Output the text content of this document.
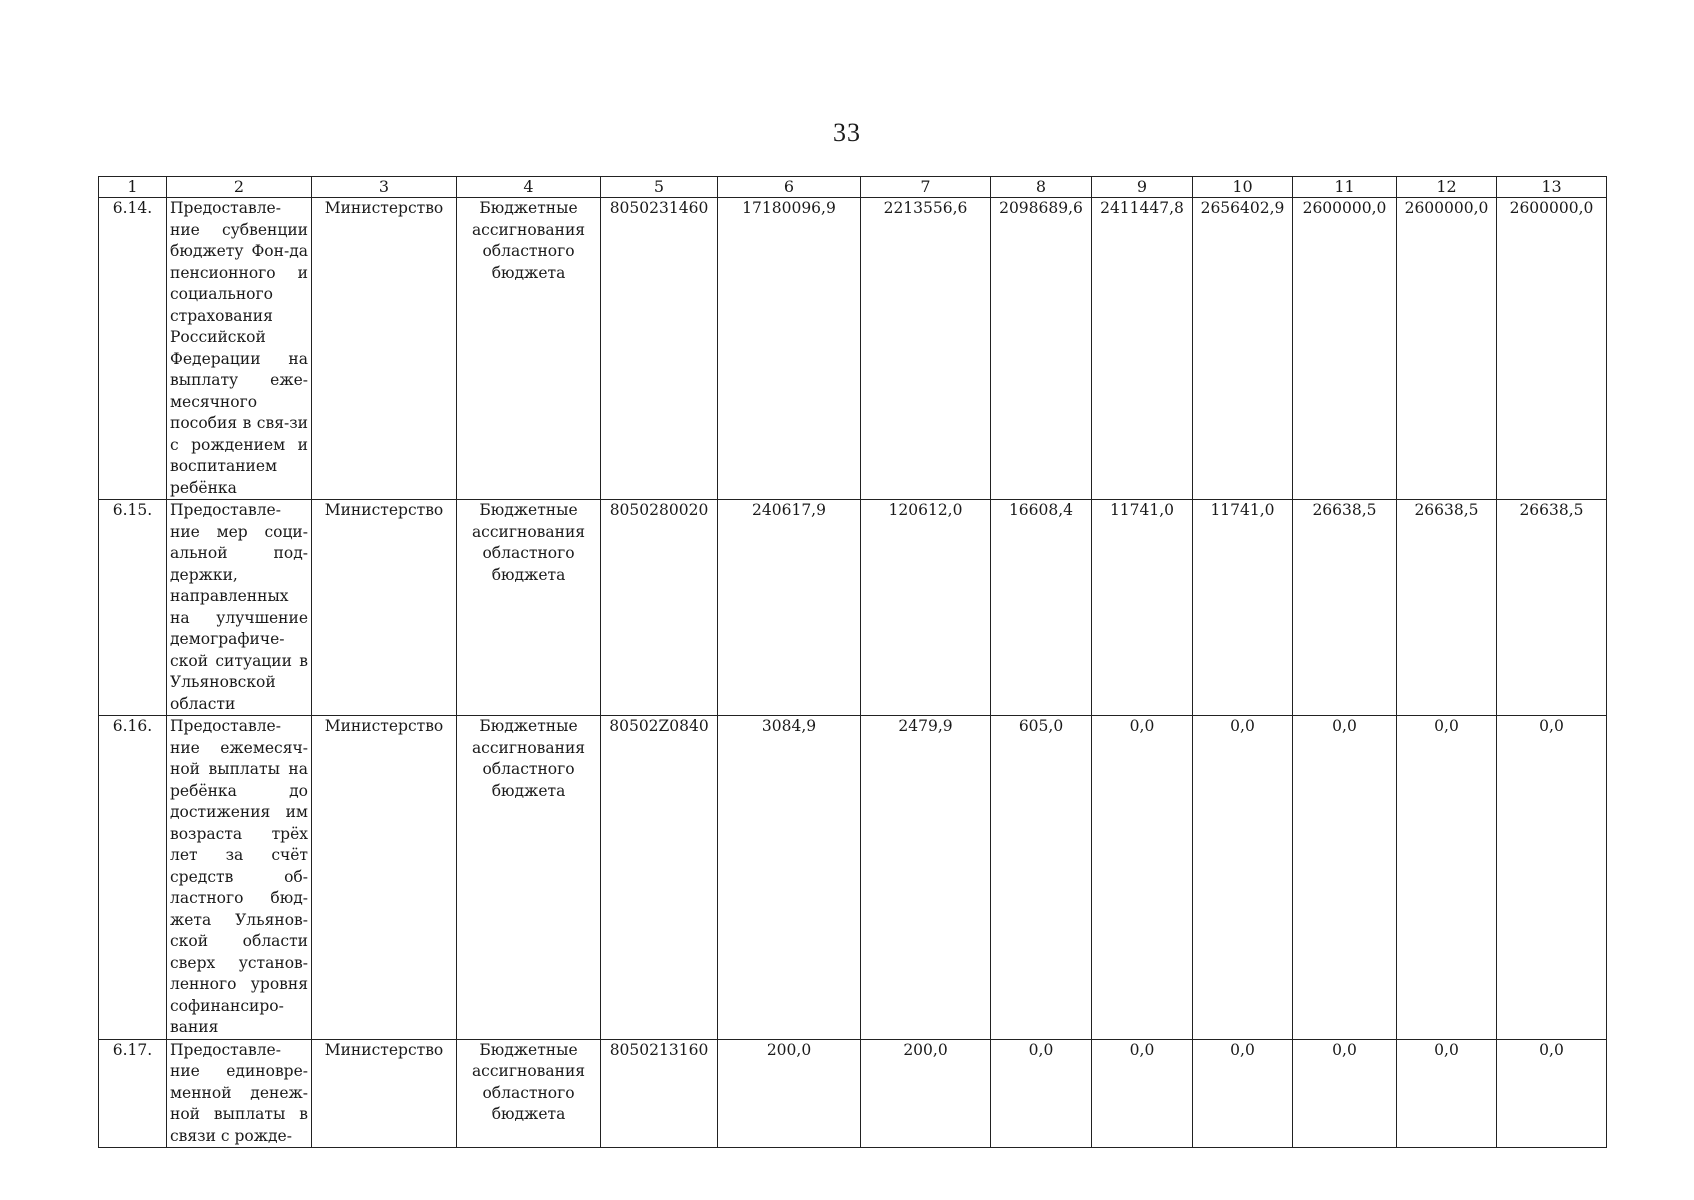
33
1	2	3	4	5	6	7	8	9	10	11	12	13
6.14.	Предоставле-ние субвенции бюджету Фон-да пенсионного и социального страхования Российской Федерации на выплату еже-месячного пособия в свя-зи с рождением и воспитанием ребёнка	Министерство	Бюджетные ассигнования областного бюджета	8050231460	17180096,9	2213556,6	2098689,6	2411447,8	2656402,9	2600000,0	2600000,0	2600000,0
6.15.	Предоставле-ние мер соци-альной под-держки, направленных на улучшение демографиче-ской ситуации в Ульяновской области	Министерство	Бюджетные ассигнования областного бюджета	8050280020	240617,9	120612,0	16608,4	11741,0	11741,0	26638,5	26638,5	26638,5
6.16.	Предоставле-ние ежемесяч-ной выплаты на ребёнка до достижения им возраста трёх лет за счёт средств об-ластного бюд-жета Ульянов-ской области сверх установ-ленного уровня софинансиро-вания	Министерство	Бюджетные ассигнования областного бюджета	80502Z0840	3084,9	2479,9	605,0	0,0	0,0	0,0	0,0	0,0
6.17.	Предоставле-ние единовре-менной денеж-ной выплаты в связи с рожде-	Министерство	Бюджетные ассигнования областного бюджета	8050213160	200,0	200,0	0,0	0,0	0,0	0,0	0,0	0,0
